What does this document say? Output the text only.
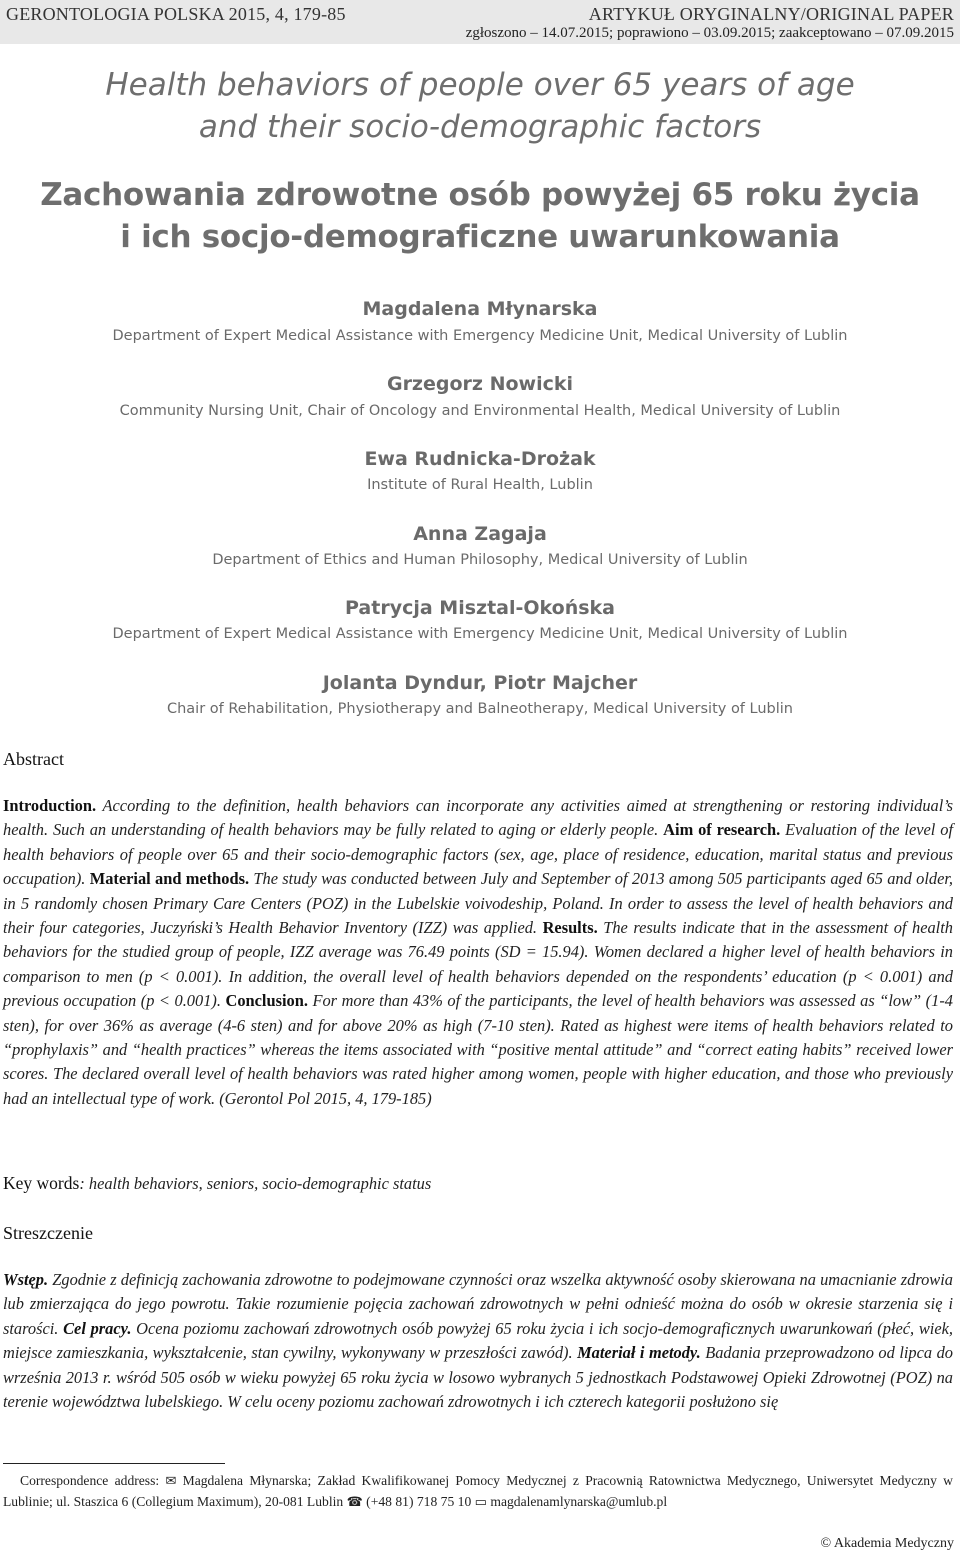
GERONTOLOGIA POLSKA 2015, 4, 179-85	ARTYKUŁ ORYGINALNY/ORIGINAL PAPER
zgłoszono – 14.07.2015; poprawiono – 03.09.2015; zaakceptowano – 07.09.2015
Health behaviors of people over 65 years of age
and their socio-demographic factors
Zachowania zdrowotne osób powyżej 65 roku życia
i ich socjo-demograficzne uwarunkowania
Magdalena Młynarska
Department of Expert Medical Assistance with Emergency Medicine Unit, Medical University of Lublin
Grzegorz Nowicki
Community Nursing Unit, Chair of Oncology and Environmental Health, Medical University of Lublin
Ewa Rudnicka-Drożak
Institute of Rural Health, Lublin
Anna Zagaja
Department of Ethics and Human Philosophy, Medical University of Lublin
Patrycja Misztal-Okońska
Department of Expert Medical Assistance with Emergency Medicine Unit, Medical University of Lublin
Jolanta Dyndur, Piotr Majcher
Chair of Rehabilitation, Physiotherapy and Balneotherapy, Medical University of Lublin
Abstract
Introduction. According to the definition, health behaviors can incorporate any activities aimed at strengthening or restoring individual’s health. Such an understanding of health behaviors may be fully related to aging or elderly people. Aim of research. Evaluation of the level of health behaviors of people over 65 and their socio-demographic factors (sex, age, place of residence, education, marital status and previous occupation). Material and methods. The study was conducted between July and September of 2013 among 505 participants aged 65 and older, in 5 randomly chosen Primary Care Centers (POZ) in the Lubelskie voivodeship, Poland. In order to assess the level of health behaviors and their four categories, Juczyński’s Health Behavior Inventory (IZZ) was applied. Results. The results indicate that in the assessment of health behaviors for the studied group of people, IZZ average was 76.49 points (SD = 15.94). Women declared a higher level of health behaviors in comparison to men (p < 0.001). In addition, the overall level of health behaviors depended on the respondents’ education (p < 0.001) and previous occupation (p < 0.001). Conclusion. For more than 43% of the participants, the level of health behaviors was assessed as “low” (1-4 sten), for over 36% as average (4-6 sten) and for above 20% as high (7-10 sten). Rated as highest were items of health behaviors related to “prophylaxis” and “health practices” whereas the items associated with “positive mental attitude” and “correct eating habits” received lower scores. The declared overall level of health behaviors was rated higher among women, people with higher education, and those who previously had an intellectual type of work. (Gerontol Pol 2015, 4, 179-185)
Key words: health behaviors, seniors, socio-demographic status
Streszczenie
Wstęp. Zgodnie z definicją zachowania zdrowotne to podejmowane czynności oraz wszelka aktywność osoby skierowana na umacnianie zdrowia lub zmierzająca do jego powrotu. Takie rozumienie pojęcia zachowań zdrowotnych w pełni odnieść można do osób w okresie starzenia się i starości. Cel pracy. Ocena poziomu zachowań zdrowotnych osób powyżej 65 roku życia i ich socjo-demograficznych uwarunkowań (płeć, wiek, miejsce zamieszkania, wykształcenie, stan cywilny, wykonywany w przeszłości zawód). Materiał i metody. Badania przeprowadzono od lipca do września 2013 r. wśród 505 osób w wieku powyżej 65 roku życia w losowo wybranych 5 jednostkach Podstawowej Opieki Zdrowotnej (POZ) na terenie województwa lubelskiego. W celu oceny poziomu zachowań zdrowotnych i ich czterech kategorii posłużono się
Correspondence address: ✉ Magdalena Młynarska; Zakład Kwalifikowanej Pomocy Medycznej z Pracownią Ratownictwa Medycznego, Uniwersytet Medyczny w Lublinie; ul. Staszica 6 (Collegium Maximum), 20-081 Lublin ☎ (+48 81) 718 75 10 ▭ magdalenamlynarska@umlub.pl
© Akademia Medyczny
